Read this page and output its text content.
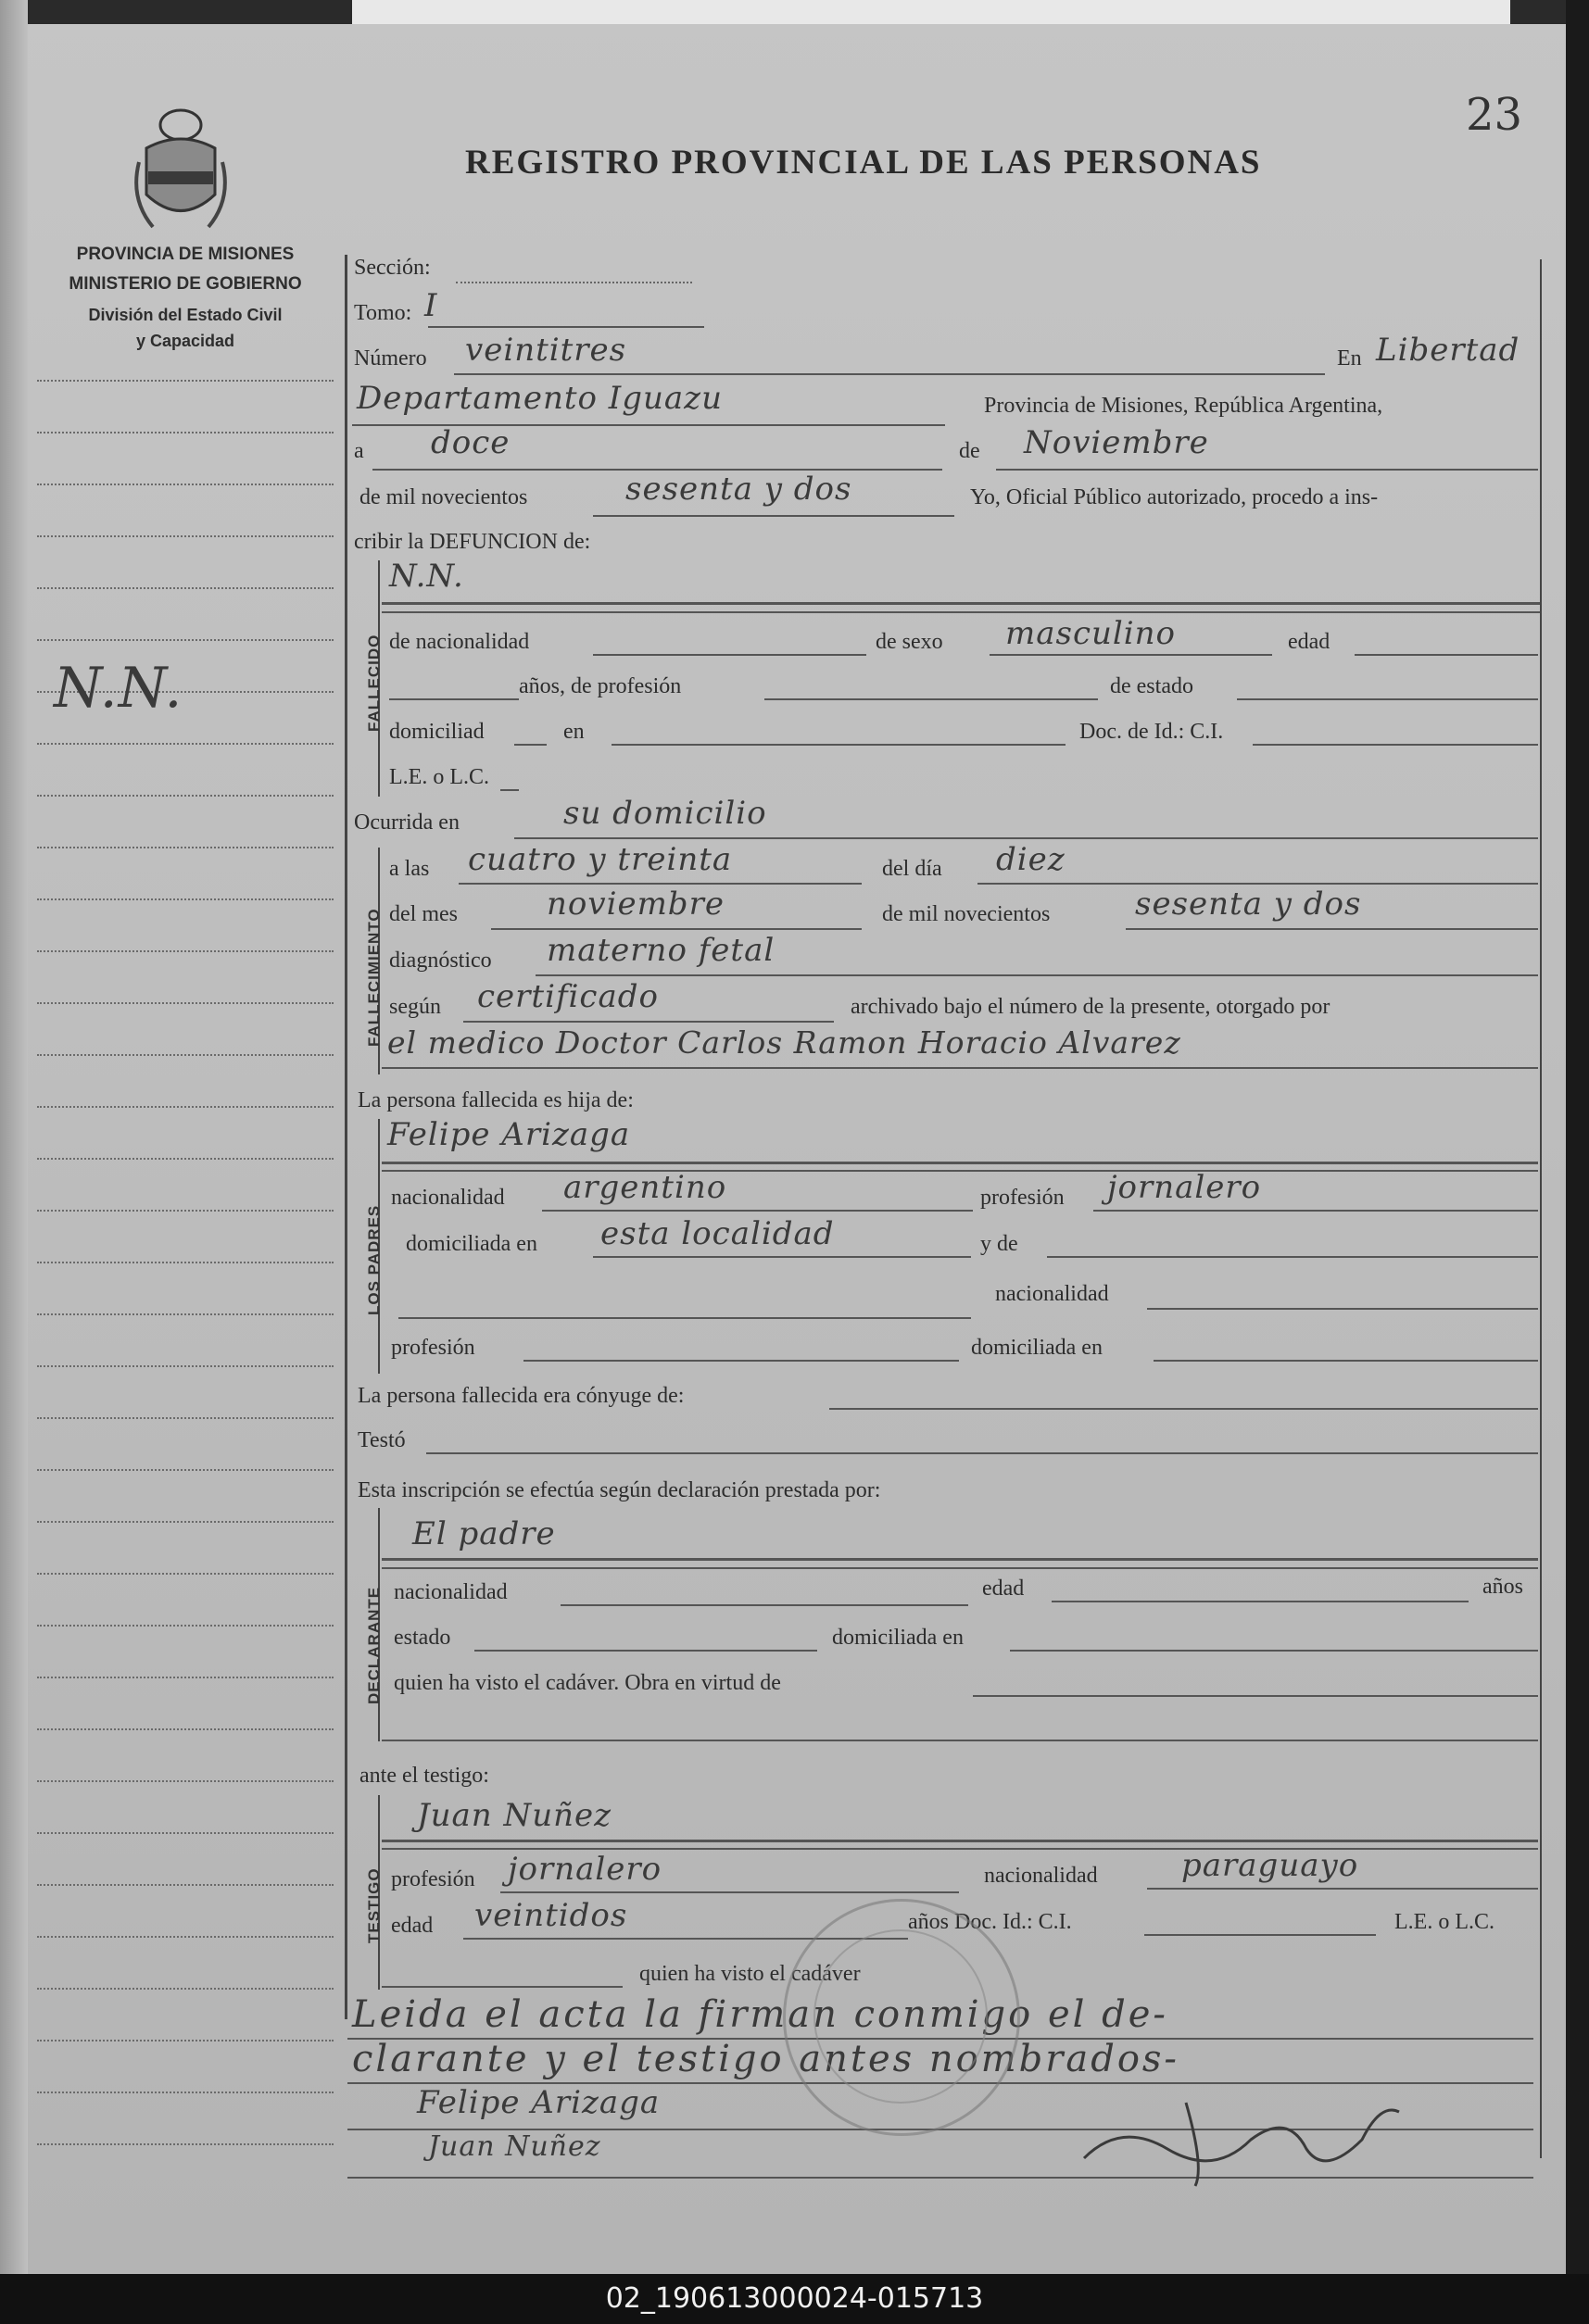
23
REGISTRO PROVINCIAL DE LAS PERSONAS
PROVINCIA DE MISIONES
MINISTERIO DE GOBIERNO
División del Estado Civil
y Capacidad
N.N.
Sección:
Tomo: I
Número veintitres	En Libertad
Departamento Iguazu	Provincia de Misiones, República Argentina,
a doce	de Noviembre
de mil novecientos	sesenta y dos	Yo, Oficial Público autorizado, procedo a ins-
cribir la DEFUNCION de:
FALLECIDO
N.N.
de nacionalidad	de sexo masculino	edad
años, de profesión	de estado
domiciliad	en	Doc. de Id.: C.I.
L.E. o L.C.
Ocurrida en	su domicilio
FALLECIMIENTO
a las cuatro y treinta	del día diez
del mes	noviembre	de mil novecientos	sesenta y dos
diagnóstico materno fetal
según certificado	archivado bajo el número de la presente, otorgado por
el medico Doctor Carlos Ramon Horacio Alvarez
La persona fallecida es hija de:
LOS PADRES
Felipe Arizaga
nacionalidad argentino	profesión jornalero
domiciliada en esta localidad	y de
nacionalidad
profesión	domiciliada en
La persona fallecida era cónyuge de:
Testó
Esta inscripción se efectúa según declaración prestada por:
DECLARANTE
El padre
nacionalidad	edad	años
estado	domiciliada en
quien ha visto el cadáver. Obra en virtud de
ante el testigo:
TESTIGO
Juan Nuñez
profesión jornalero	nacionalidad	paraguayo
edad veintidos	años Doc. Id.: C.I.	L.E. o L.C.
quien ha visto el cadáver
Leida el acta la firman conmigo el de-
clarante y el testigo antes nombrados-
Felipe Arizaga
Juan Nuñez
02_190613000024-015713
